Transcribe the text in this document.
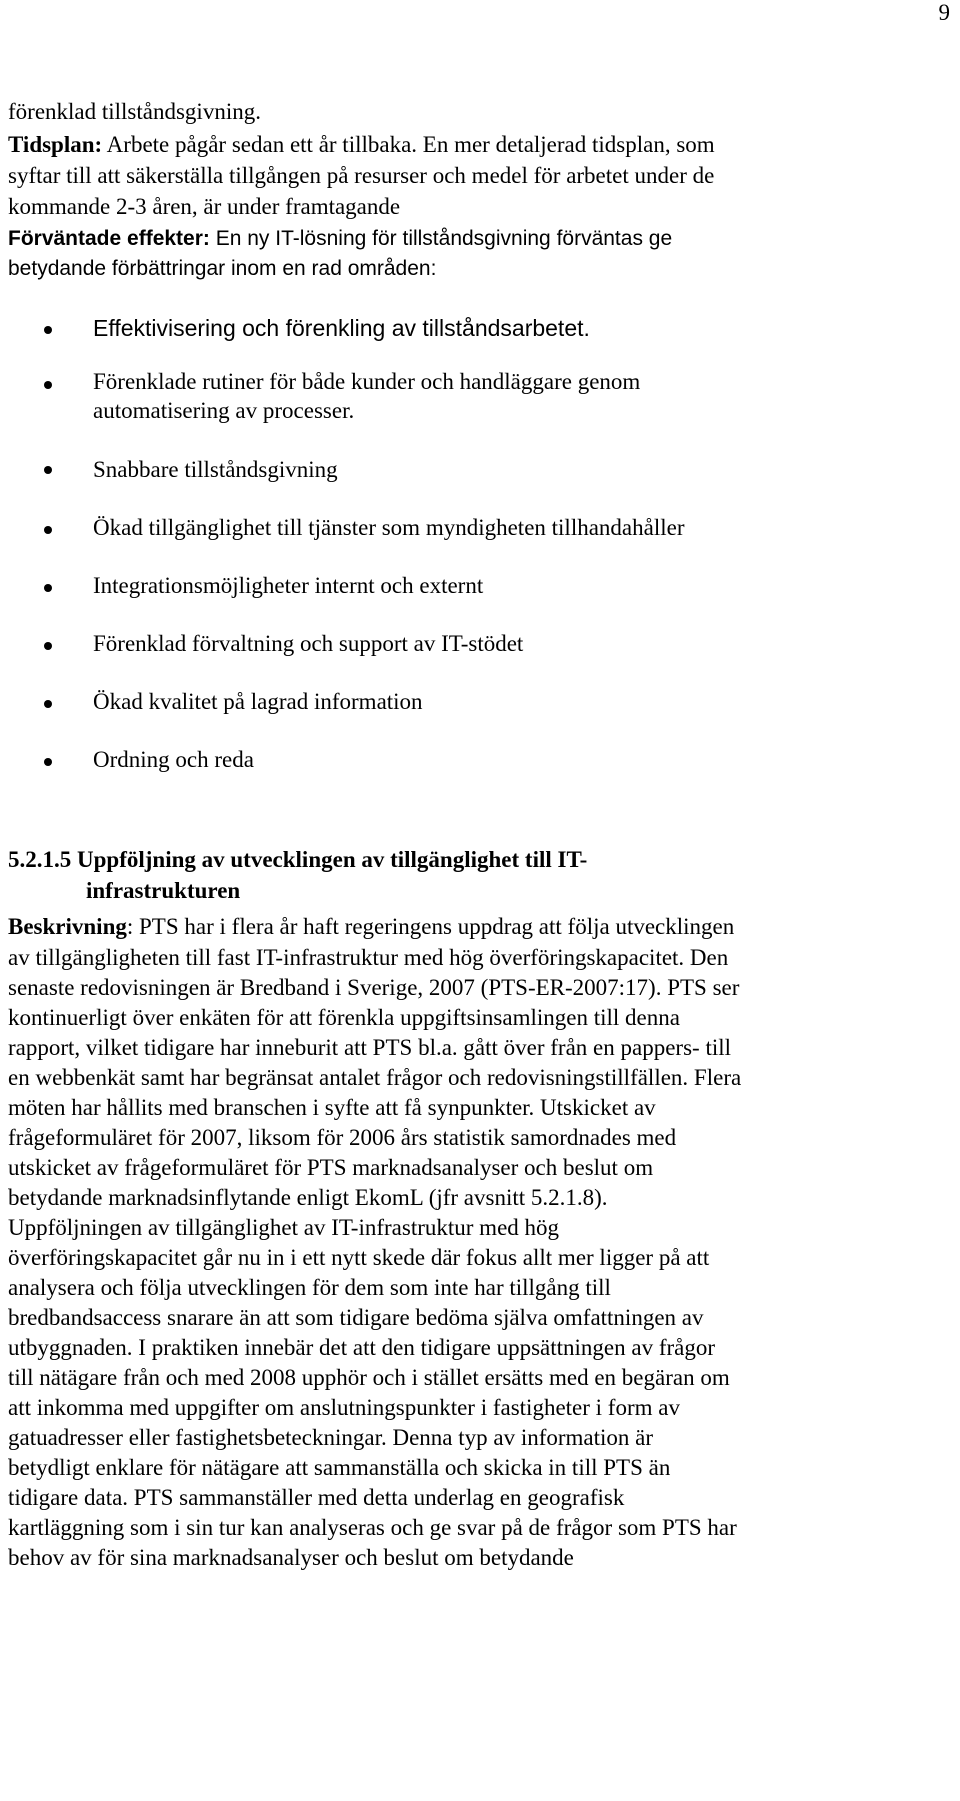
9
förenklad tillståndsgivning.
Tidsplan: Arbete pågår sedan ett år tillbaka. En mer detaljerad tidsplan, som
syftar till att säkerställa tillgången på resurser och medel för arbetet under de
kommande 2-3 åren, är under framtagande
Förväntade effekter: En ny IT-lösning för tillståndsgivning förväntas ge
betydande förbättringar inom en rad områden:
Effektivisering och förenkling av tillståndsarbetet.
Förenklade rutiner för både kunder och handläggare genom
automatisering av processer.
Snabbare tillståndsgivning
Ökad tillgänglighet till tjänster som myndigheten tillhandahåller
Integrationsmöjligheter internt och externt
Förenklad förvaltning och support av IT-stödet
Ökad kvalitet på lagrad information
Ordning och reda
5.2.1.5 Uppföljning av utvecklingen av tillgänglighet till IT-
infrastrukturen
Beskrivning: PTS har i flera år haft regeringens uppdrag att följa utvecklingen
av tillgängligheten till fast IT-infrastruktur med hög överföringskapacitet. Den
senaste redovisningen är Bredband i Sverige, 2007 (PTS-ER-2007:17). PTS ser
kontinuerligt över enkäten för att förenkla uppgiftsinsamlingen till denna
rapport, vilket tidigare har inneburit att PTS bl.a. gått över från en pappers- till
en webbenkät samt har begränsat antalet frågor och redovisningstillfällen. Flera
möten har hållits med branschen i syfte att få synpunkter. Utskicket av
frågeformuläret för 2007, liksom för 2006 års statistik samordnades med
utskicket av frågeformuläret för PTS marknadsanalyser och beslut om
betydande marknadsinflytande enligt EkomL (jfr avsnitt 5.2.1.8).
Uppföljningen av tillgänglighet av IT-infrastruktur med hög
överföringskapacitet går nu in i ett nytt skede där fokus allt mer ligger på att
analysera och följa utvecklingen för dem som inte har tillgång till
bredbandsaccess snarare än att som tidigare bedöma själva omfattningen av
utbyggnaden. I praktiken innebär det att den tidigare uppsättningen av frågor
till nätägare från och med 2008 upphör och i stället ersätts med en begäran om
att inkomma med uppgifter om anslutningspunkter i fastigheter i form av
gatuadresser eller fastighetsbeteckningar. Denna typ av information är
betydligt enklare för nätägare att sammanställa och skicka in till PTS än
tidigare data. PTS sammanställer med detta underlag en geografisk
kartläggning som i sin tur kan analyseras och ge svar på de frågor som PTS har
behov av för sina marknadsanalyser och beslut om betydande
